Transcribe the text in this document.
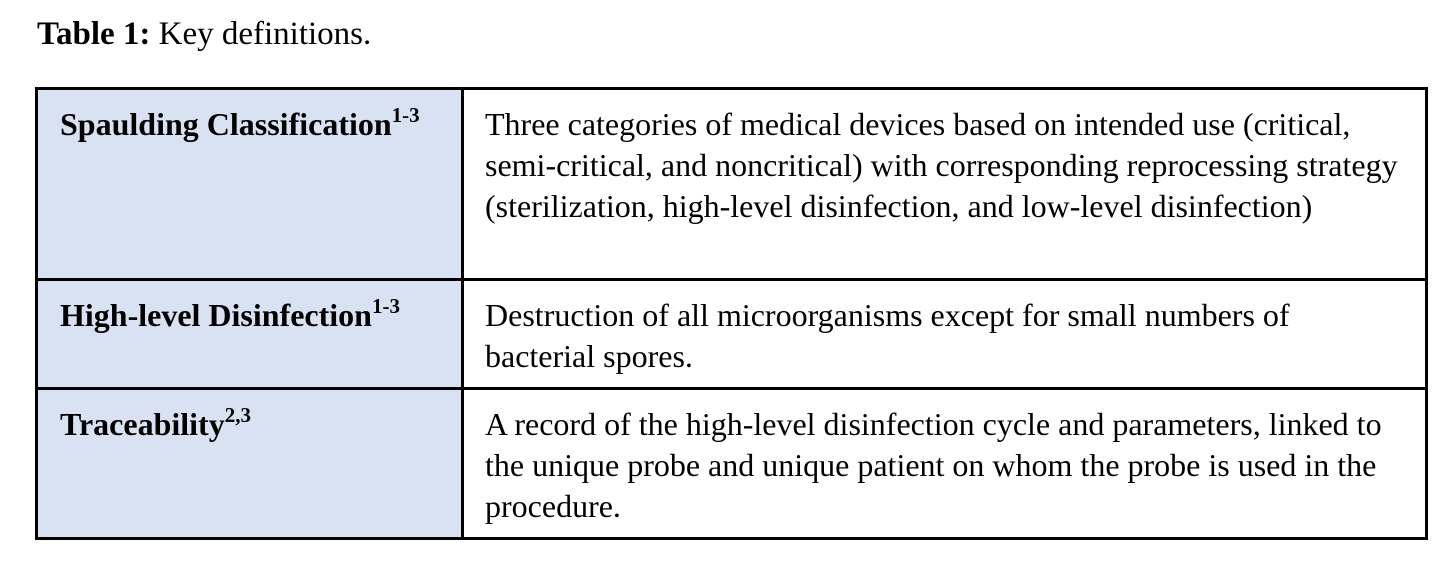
Table 1: Key definitions.
Spaulding Classification$^{1-3}$	Three categories of medical devices based on intended use (critical, semi-critical, and noncritical) with corresponding reprocessing strategy (sterilization, high-level disinfection, and low-level disinfection)
High-level Disinfection$^{1-3}$	Destruction of all microorganisms except for small numbers of bacterial spores.
Traceability$^{2,3}$	A record of the high-level disinfection cycle and parameters, linked to the unique probe and unique patient on whom the probe is used in the procedure.
